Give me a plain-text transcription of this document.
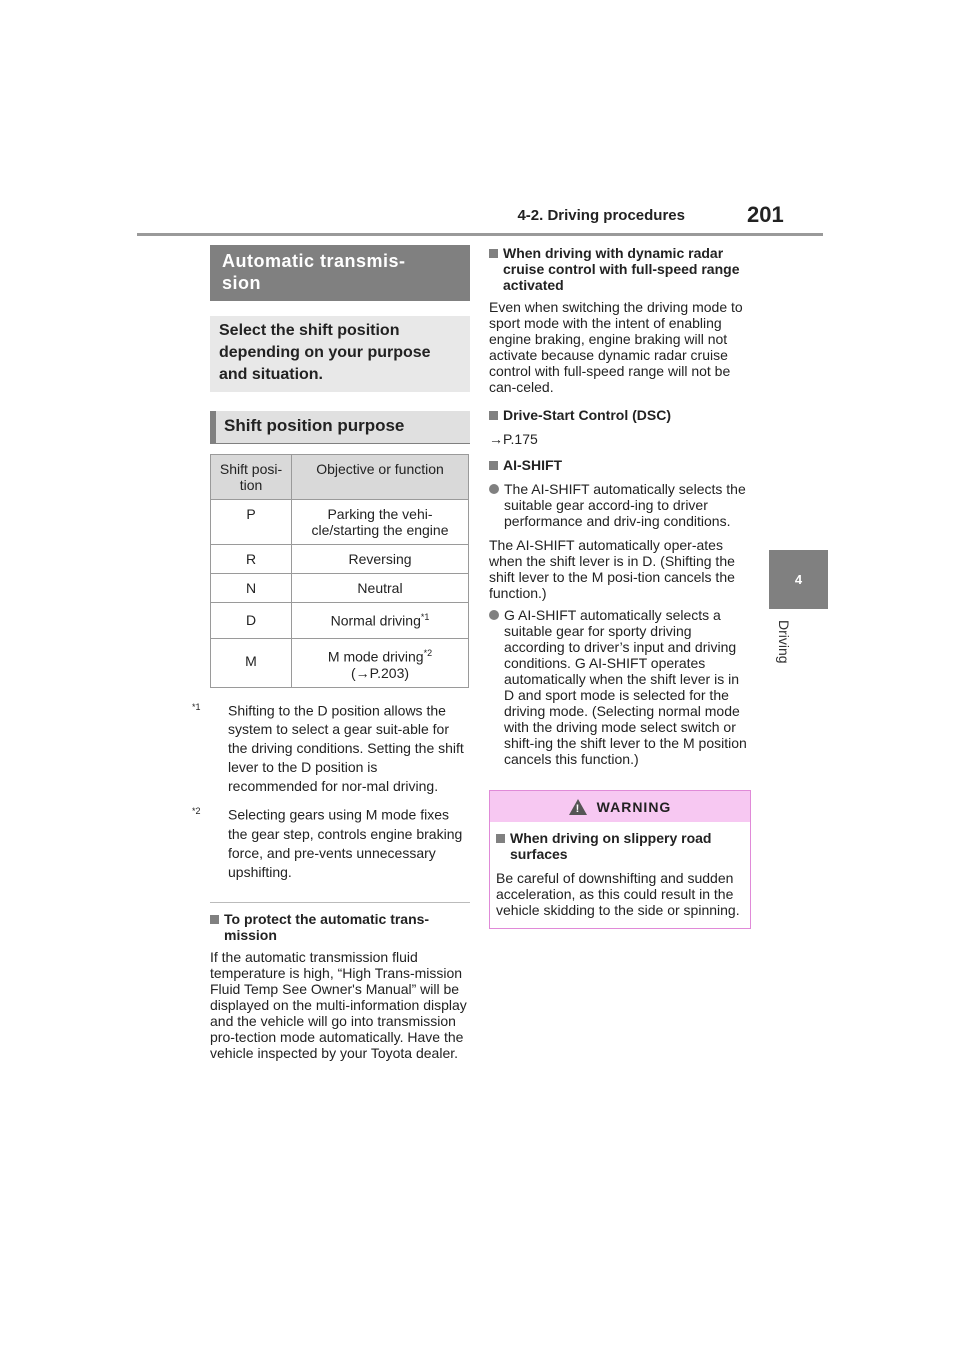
4-2. Driving procedures	201
4
Driving
Automatic transmis-
sion
Select the shift position depending on your purpose and situation.
Shift position purpose
Shift posi-
tion	Objective or function
P	Parking the vehi-
cle/starting the engine
R	Reversing
N	Neutral
D	Normal driving$^{*1}$
M	M mode driving$^{*2}$
(→P.203)
$^{*1}$ Shifting to the D position allows the system to select a gear suit-able for the driving conditions. Setting the shift lever to the D position is recommended for nor-mal driving.
$^{*2}$ Selecting gears using M mode fixes the gear step, controls engine braking force, and pre-vents unnecessary upshifting.
To protect the automatic trans-mission
If the automatic transmission fluid temperature is high, “High Trans-mission Fluid Temp See Owner's Manual” will be displayed on the multi-information display and the vehicle will go into transmission pro-tection mode automatically. Have the vehicle inspected by your Toyota dealer.
When driving with dynamic radar cruise control with full-speed range activated
Even when switching the driving mode to sport mode with the intent of enabling engine braking, engine braking will not activate because dynamic radar cruise control with full-speed range will not be can-celed.
Drive-Start Control (DSC)
→P.175
AI-SHIFT
The AI-SHIFT automatically selects the suitable gear accord-ing to driver performance and driv-ing conditions.
The AI-SHIFT automatically oper-ates when the shift lever is in D. (Shifting the shift lever to the M posi-tion cancels the function.)
G AI-SHIFT automatically selects a suitable gear for sporty driving according to driver’s input and driving conditions. G AI-SHIFT operates automatically when the shift lever is in D and sport mode is selected for the driving mode. (Selecting normal mode with the driving mode select switch or shift-ing the shift lever to the M position cancels this function.)
! WARNING
When driving on slippery road surfaces
Be careful of downshifting and sudden acceleration, as this could result in the vehicle skidding to the side or spinning.
